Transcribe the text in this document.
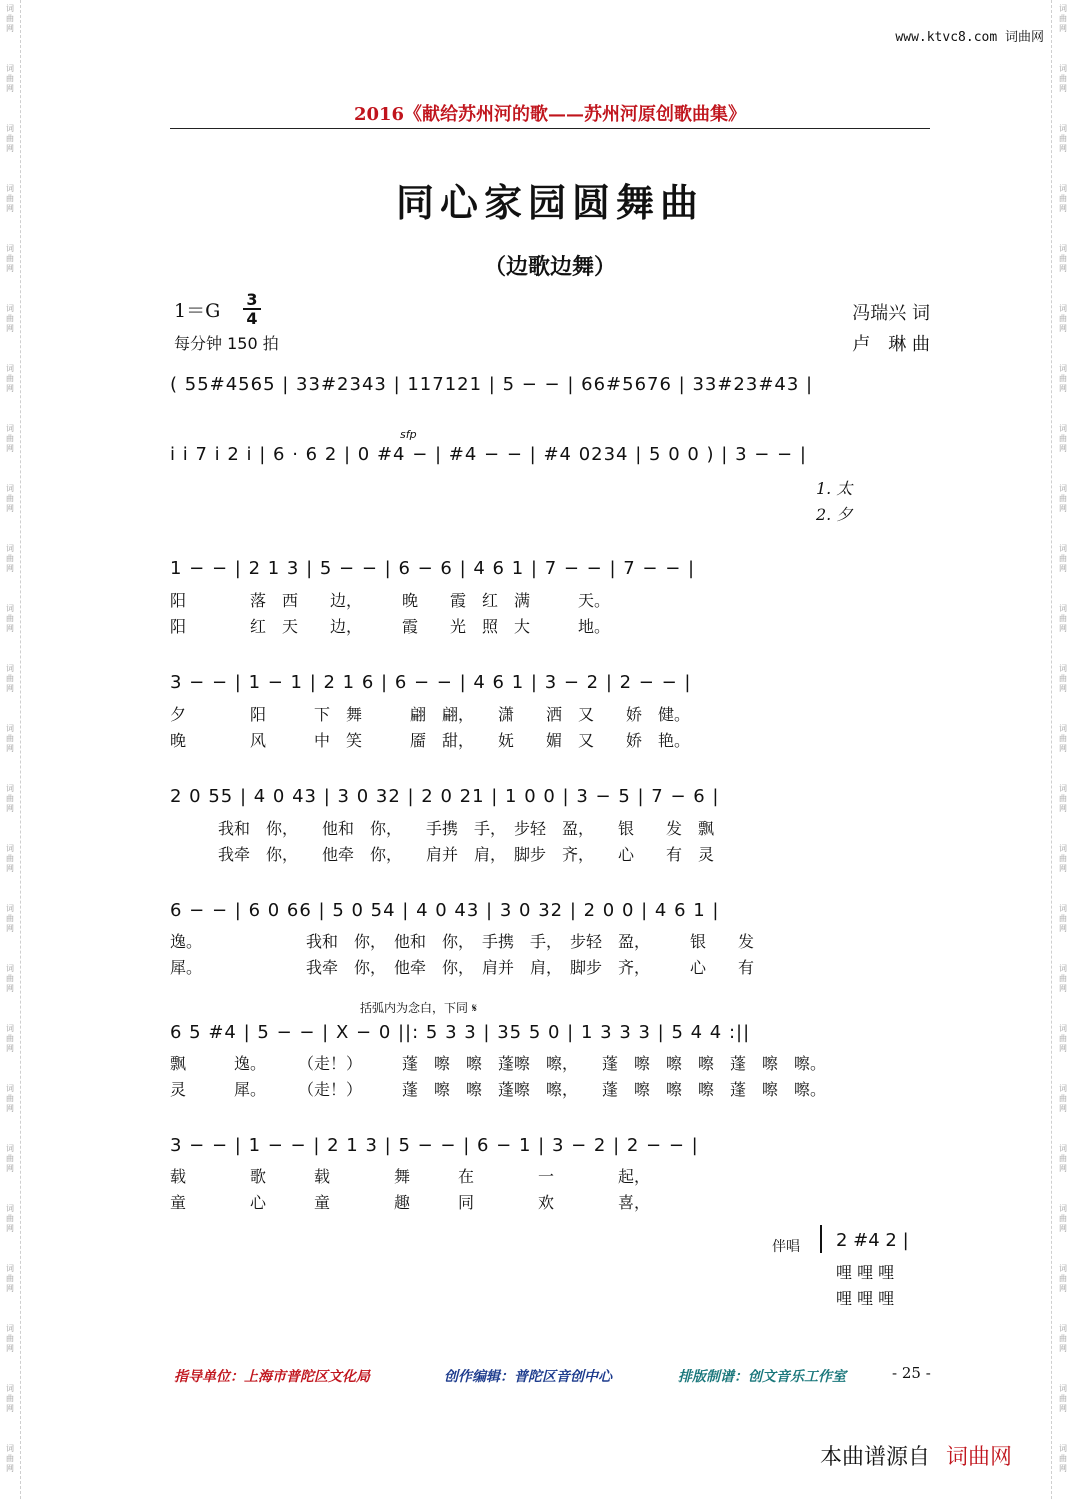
词
曲
网
词
曲
网
词
曲
网
词
曲
网
词
曲
网
词
曲
网
词
曲
网
词
曲
网
词
曲
网
词
曲
网
词
曲
网
词
曲
网
词
曲
网
词
曲
网
词
曲
网
词
曲
网
词
曲
网
词
曲
网
词
曲
网
词
曲
网
词
曲
网
词
曲
网
词
曲
网
词
曲
网
词
曲
网
词
曲
网
词
曲
网
词
曲
网
词
曲
网
词
曲
网
词
曲
网
词
曲
网
词
曲
网
词
曲
网
词
曲
网
词
曲
网
词
曲
网
词
曲
网
词
曲
网
词
曲
网
词
曲
网
词
曲
网
词
曲
网
词
曲
网
词
曲
网
词
曲
网
词
曲
网
词
曲
网
词
曲
网
词
曲
网
www.ktvc8.com 词曲网
2016《献给苏州河的歌——苏州河原创歌曲集》
同心家园圆舞曲
（边歌边舞）
1＝G
3
4
每分钟 150 拍
冯瑞兴 词
卢　琳 曲
( 55#4565 | 33#2343 | 117121 | 5 − − | 66#5676 | 33#23#43 |
i i 7 i 2 i | 6 · 6 2 | 0 #4 − | #4 − − | #4 0234 | 5 0 0 ) | 3 − − |
sfp
1. 太
2. 夕
1 − − | 2 1 3 | 5 − − | 6 − 6 | 4 6 1 | 7 − − | 7 − − |
阳　　　　落　西　　边，　　　晚　　霞　红　满　　　天。
阳　　　　红　天　　边，　　　霞　　光　照　大　　　地。
3 − − | 1 − 1 | 2 1 6 | 6 − − | 4 6 1 | 3 − 2 | 2 − − |
夕　　　　阳　　　下　舞　　　翩　翩，　　潇　　洒　又　　娇　健。
晚　　　　风　　　中　笑　　　靥　甜，　　妩　　媚　又　　娇　艳。
2 0 55 | 4 0 43 | 3 0 32 | 2 0 21 | 1 0 0 | 3 − 5 | 7 − 6 |
　　　我和　你，　　他和　你，　　手携　手，　步轻　盈，　　银　　发　飘
　　　我牵　你，　　他牵　你，　　肩并　肩，　脚步　齐，　　心　　有　灵
6 − − | 6 0 66 | 5 0 54 | 4 0 43 | 3 0 32 | 2 0 0 | 4 6 1 |
逸。　　　　　　　我和　你，　他和　你，　手携　手，　步轻　盈，　　　银　　发
犀。　　　　　　　我牵　你，　他牵　你，　肩并　肩，　脚步　齐，　　　心　　有
括弧内为念白，下同 𝄋
6 5 #4 | 5 − − | X − 0 ||: 5 3 3 | 35 5 0 | 1 3 3 3 | 5 4 4 :||
飘　　　逸。　　　（走！）　　　蓬　嚓　嚓　蓬嚓　嚓，　　蓬　嚓　嚓　嚓　蓬　嚓　嚓。
灵　　　犀。　　　（走！）　　　蓬　嚓　嚓　蓬嚓　嚓，　　蓬　嚓　嚓　嚓　蓬　嚓　嚓。
3 − − | 1 − − | 2 1 3 | 5 − − | 6 − 1 | 3 − 2 | 2 − − |
载　　　　歌　　　载　　　　舞　　　在　　　　一　　　　起，
童　　　　心　　　童　　　　趣　　　同　　　　欢　　　　喜，
伴唱 2 #4 2 |
哩 哩 哩
哩 哩 哩
指导单位：上海市普陀区文化局	创作编辑：普陀区音创中心	排版制谱：创文音乐工作室	- 25 -
本曲谱源自 词曲网
